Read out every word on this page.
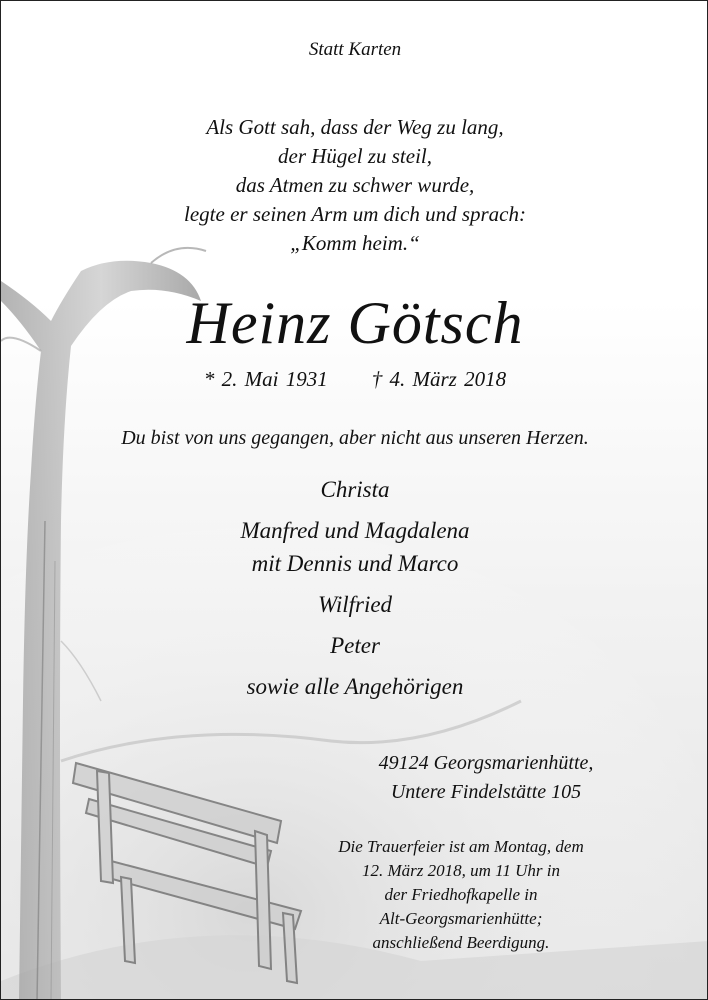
Statt Karten
Als Gott sah, dass der Weg zu lang,
der Hügel zu steil,
das Atmen zu schwer wurde,
legte er seinen Arm um dich und sprach:
„Komm heim.“
Heinz Götsch
* 2. Mai 1931 † 4. März 2018
Du bist von uns gegangen, aber nicht aus unseren Herzen.
Christa
Manfred und Magdalena
mit Dennis und Marco
Wilfried
Peter
sowie alle Angehörigen
49124 Georgsmarienhütte,
Untere Findelstätte 105
Die Trauerfeier ist am Montag, dem
12. März 2018, um 11 Uhr in
der Friedhofkapelle in
Alt-Georgsmarienhütte;
anschließend Beerdigung.
